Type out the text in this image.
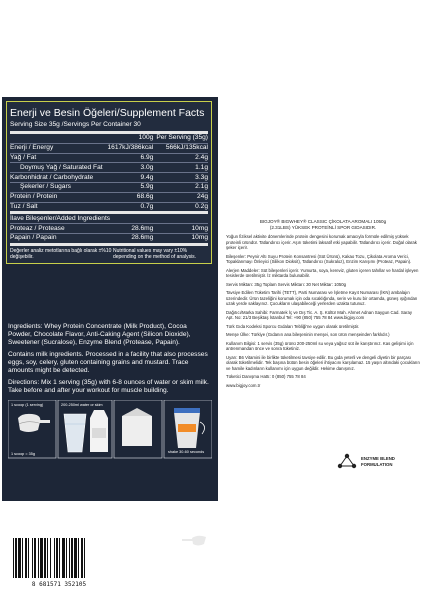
Enerji ve Besin Öğeleri/Supplement Facts
Serving Size 35g /Servings Per Container 30
	100g	Per Serving (35g)
Enerji / Energy	1617kJ/386kcal	566kJ/135kcal
Yağ / Fat	6.9g	2.4g
Doymuş Yağ / Saturated Fat	3.0g	1.1g
Karbonhidrat / Carbohydrate	9.4g	3.3g
Şekerler / Sugars	5.9g	2.1g
Protein / Protein	68.6g	24g
Tuz / Salt	0.7g	0.2g
İlave Bileşenler/Added Ingredients		
Proteaz / Protease	28.6mg	10mg
Papain / Papain	28.6mg	10mg
Değerler analiz metotlarına bağlı olarak ±%10 değişebilir.
Nutritional values may vary ±10% depending on the method of analysis.

Ingredients: Whey Protein Concentrate (Milk Product), Cocoa Powder, Chocolate Flavor, Anti-Caking Agent (Silicon Dioxide), Sweetener (Sucralose), Enzyme Blend (Protease, Papain).

Contains milk ingredients. Processed in a facility that also processes eggs, soy, celery, gluten containing grains and mustard. Trace amounts might be detected.

Directions: Mix 1 serving (35g) with 6-8 ounces of water or skim milk. Take before and after your workout for muscle building.

1 scoop (1 serving)	200-250ml water or skim
1 scoop = 35g	shake 30-60 seconds
8 681571 352105
CHOCOLATE
FLAVOR
NET WT 2.31LBS
(1050G)
Kutu içindeki ölçek miktarı... scoop included.
BIGJOY® BIGWHEY® CLASSIC ÇİKOLATA AROMALI 1050g
(2.31LBS) YÜKSEK PROTEİNLİ SPOR GIDASIDIR.

Yoğun fiziksel aktivite dönemlerinde protein dengesini korumak amacıyla formüle edilmiş yüksek proteinli üründür. Tatlandırıcı içerir. Aşırı tüketimi laksatif etki yapabilir. Tatlandırıcı içerir. Doğal olarak şeker içerir.

Bileşenler: Peynir Altı Suyu Protein Konsantresi (Süt Ürünü), Kakao Tozu, Çikolata Aroma Verici, Topaklanmayı Önleyici (Silikon Dioksit), Tatlandırıcı (Sukraloz), Enzim Karışımı (Proteaz, Papain).

Alerjen Maddeler: Süt bileşenleri içerir. Yumurta, soya, kereviz, gluten içeren tahıllar ve hardal işleyen tesislerde üretilmiştir. İz miktarda bulunabilir.

Servis Miktarı: 35g Toplam Servis Miktarı: 30 Net Miktar: 1050g

Tavsiye Edilen Tüketim Tarihi (TETT), Parti Numarası ve İşletme Kayıt Numarası (İKN) ambalajın üzerindedir. Ürün tazeliğini korumak için oda sıcaklığında, serin ve kuru bir ortamda, güneş ışığından uzak yerde saklayınız. Çocukların ulaşabileceği yerlerden uzakta tutunuz.

Dağıtıcı/Marka Sahibi: Farmatek İç ve Dış Tic. A. Ş. Kültür Mah. Ahmet Adnan Saygun Cad. Saray Apt. No: 21/3 Beşiktaş İstanbul Tel: +90 (850) 755 78 84 www.bigjoy.com

Türk Gıda Kodeksi Sporcu Gıdaları Tebliği'ne uygun olarak üretilmiştir.

Menşe Ülke: Türkiye (Gıdanın ana bileşeninin menşei, son ürün menşeinden farklıdır.)

Kullanım Bilgisi: 1 servis (35g) ürünü 200-250ml su veya yağsız süt ile karıştırınız. Kas gelişimi için antrenmandan önce ve sonra tüketiniz.

Uyarı: B6 Vitamini ile birlikte tüketilmesi tavsiye edilir. Bu gıda yeterli ve dengeli diyetin bir parçası olarak tüketilmelidir. Tek başına bütün besin öğeleri ihtiyacını karşılamaz. 15 yaşın altındaki çocukların ve hamile kadınların kullanımı için uygun değildir. Hekime danışınız.

Tüketici Danışma Hattı: 0 (850) 755 78 84

www.bigjoy.com.tr

ENZYME BLEND
FORMULATION
